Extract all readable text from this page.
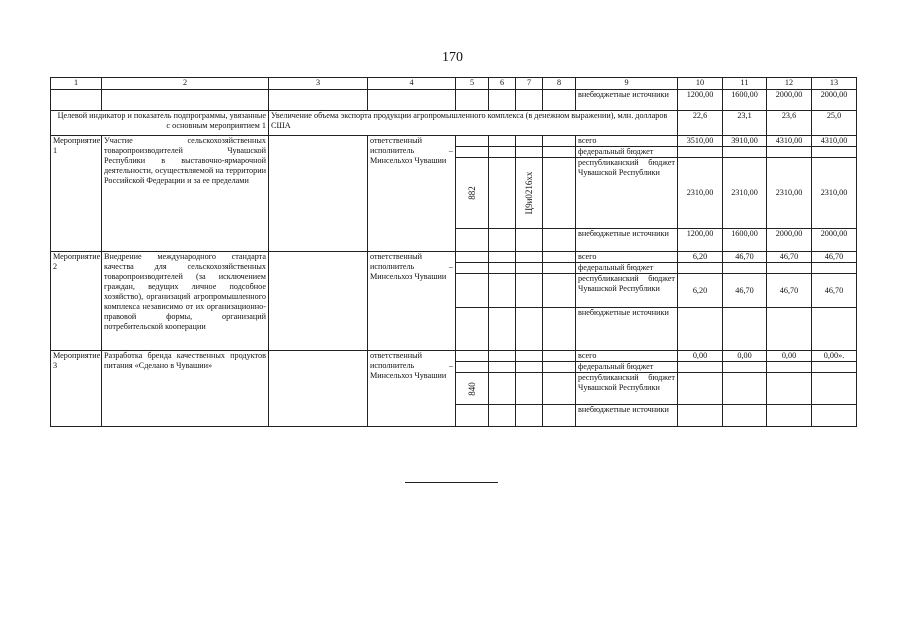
170
1	2	3	4	5	6	7	8	9	10	11	12	13
								внебюджетные источники	1200,00	1600,00	2000,00	2000,00
Целевой индикатор и показатель подпрограммы, увязанные с основным мероприятием 1		Увеличение объема экспорта продукции агропромышленного комплекса (в денежном выражении), млн. долларов США							22,6	23,1	23,6	25,0
Мероприятие 1	Участие сельскохозяйственных товаропроизводителей Чувашской Республики в выставочно-ярмарочной деятельности, осуществляемой на территории Российской Федерации и за ее пределами		ответственный исполнитель – Минсельхоз Чувашии					всего	3510,00	3910,00	4310,00	4310,00
								федеральный бюджет				

				882		Ц9и0216хх		республиканский бюджет Чувашской Республики	2310,00	2310,00	2310,00	2310,00
								внебюджетные источники	1200,00	1600,00	2000,00	2000,00
Мероприятие 2	Внедрение международного стандарта качества для сельскохозяйственных товаропроизводителей (за исключением граждан, ведущих личное подсобное хозяйство), организаций агропромышленного комплекса независимо от их организационно-правовой формы, организаций потребительской кооперации		ответственный исполнитель – Минсельхоз Чувашии					всего	6,20	46,70	46,70	46,70
								федеральный бюджет				
								республиканский бюджет Чувашской Республики	6,20	46,70	46,70	46,70
								внебюджетные источники				
Мероприятие 3	Разработка бренда качественных продуктов питания «Сделано в Чувашии»		ответственный исполнитель – Минсельхоз Чувашии					всего	0,00	0,00	0,00	0,00».
								федеральный бюджет				

				840				республиканский бюджет Чувашской Республики				
								внебюджетные источники				
